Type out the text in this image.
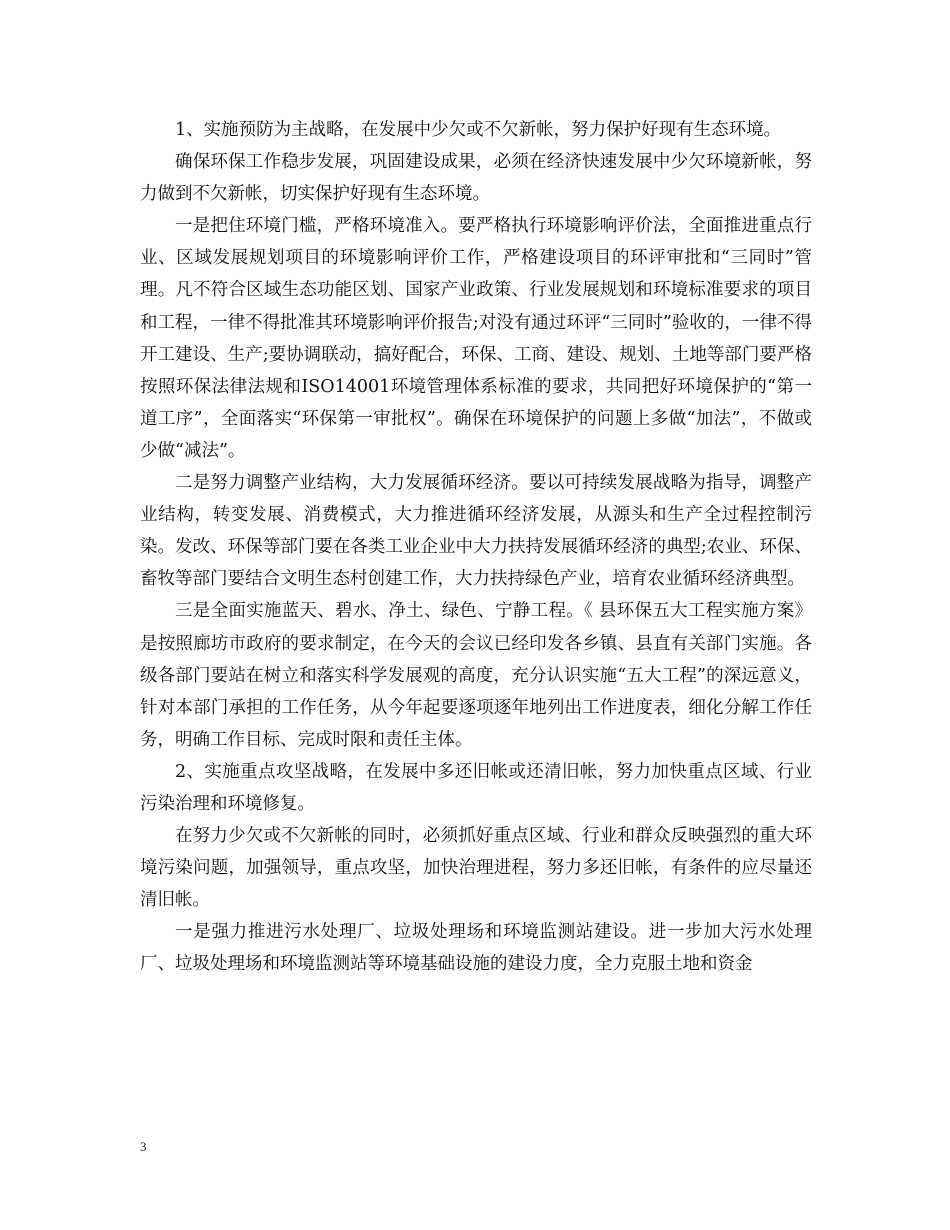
1、实施预防为主战略，在发展中少欠或不欠新帐，努力保护好现有生态环境。

确保环保工作稳步发展，巩固建设成果，必须在经济快速发展中少欠环境新帐，努力做到不欠新帐，切实保护好现有生态环境。

一是把住环境门槛，严格环境准入。要严格执行环境影响评价法，全面推进重点行业、区域发展规划项目的环境影响评价工作，严格建设项目的环评审批和“三同时”管理。凡不符合区域生态功能区划、国家产业政策、行业发展规划和环境标准要求的项目和工程，一律不得批准其环境影响评价报告;对没有通过环评“三同时”验收的，一律不得开工建设、生产;要协调联动，搞好配合，环保、工商、建设、规划、土地等部门要严格按照环保法律法规和ISO14001环境管理体系标准的要求，共同把好环境保护的“第一道工序”，全面落实“环保第一审批权”。确保在环境保护的问题上多做“加法”，不做或少做“减法”。

二是努力调整产业结构，大力发展循环经济。要以可持续发展战略为指导，调整产业结构，转变发展、消费模式，大力推进循环经济发展，从源头和生产全过程控制污染。发改、环保等部门要在各类工业企业中大力扶持发展循环经济的典型;农业、环保、畜牧等部门要结合文明生态村创建工作，大力扶持绿色产业，培育农业循环经济典型。

三是全面实施蓝天、碧水、净土、绿色、宁静工程。《 县环保五大工程实施方案》是按照廊坊市政府的要求制定，在今天的会议已经印发各乡镇、县直有关部门实施。各级各部门要站在树立和落实科学发展观的高度，充分认识实施“五大工程”的深远意义，针对本部门承担的工作任务，从今年起要逐项逐年地列出工作进度表，细化分解工作任务，明确工作目标、完成时限和责任主体。

2、实施重点攻坚战略，在发展中多还旧帐或还清旧帐，努力加快重点区域、行业污染治理和环境修复。

在努力少欠或不欠新帐的同时，必须抓好重点区域、行业和群众反映强烈的重大环境污染问题，加强领导，重点攻坚，加快治理进程，努力多还旧帐，有条件的应尽量还清旧帐。

一是强力推进污水处理厂、垃圾处理场和环境监测站建设。进一步加大污水处理厂、垃圾处理场和环境监测站等环境基础设施的建设力度，全力克服土地和资金

3
